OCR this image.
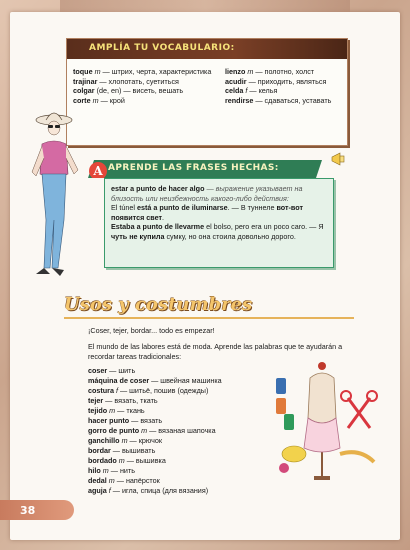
AMPLÍA TU VOCABULARIO:
toque m — штрих, черта, характеристика
trajinar — хлопотать, суетиться
colgar (de, en) — висеть, вешать
corte m — крой
lienzo m — полотно, холст
acudir — приходить, являться
celda f — келья
rendirse — сдаваться, уставать
A APRENDE LAS FRASES HECHAS:

estar a punto de hacer algo — выражение указывает на близость или неизбежность какого-либо действия:

El túnel está a punto de iluminarse. — В туннеле вот-вот появится свет.

Estaba a punto de llevarme el bolso, pero era un poco caro. — Я чуть не купила сумку, но она стоила довольно дорого.

Usos y costumbres
¡Coser, tejer, bordar... todo es empezar!
El mundo de las labores está de moda. Aprende las palabras que te ayudarán a recordar tareas tradicionales:
coser — шить
máquina de coser — швейная машинка
costura f — шитьё, пошив (одежды)
tejer — вязать, ткать
tejido m — ткань
hacer punto — вязать
gorro de punto m — вязаная шапочка
ganchillo m — крючок
bordar — вышивать
bordado m — вышивка
hilo m — нить
dedal m — напёрсток
aguja f — игла, спица (для вязания)
38
